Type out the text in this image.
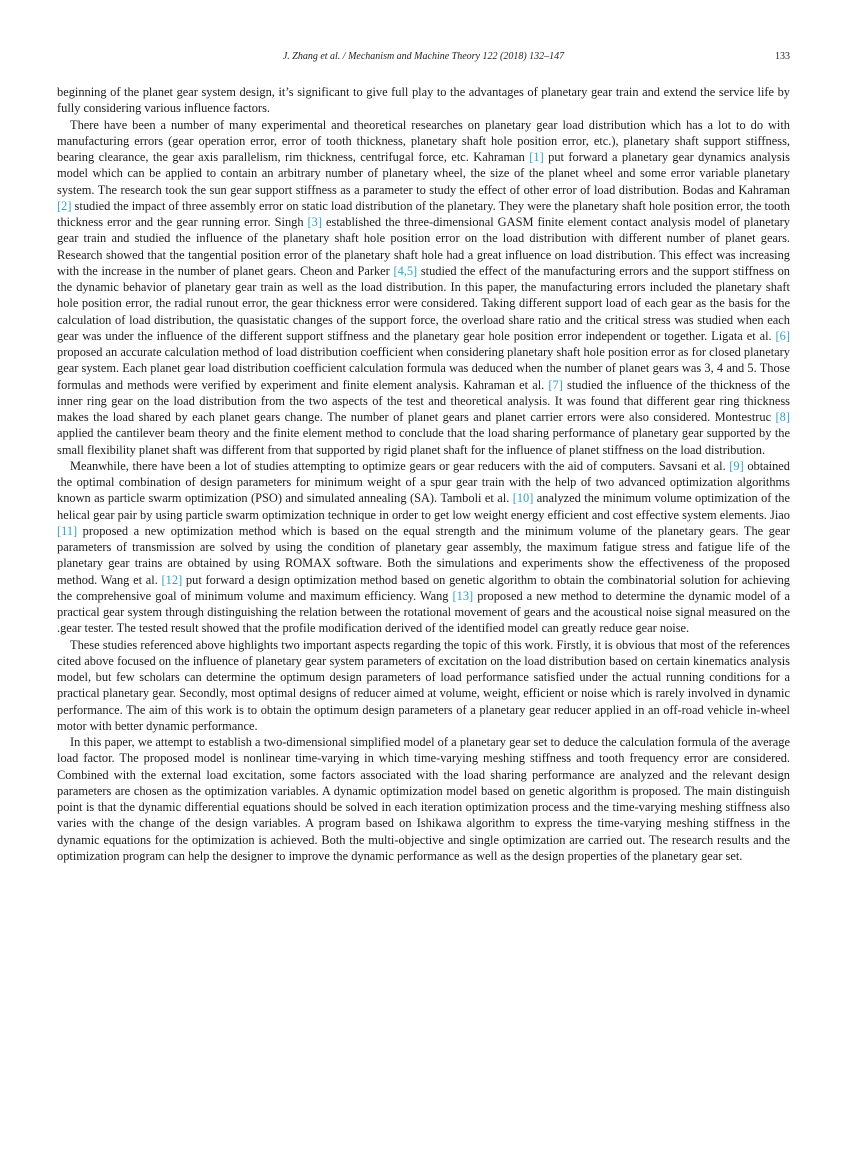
J. Zhang et al. / Mechanism and Machine Theory 122 (2018) 132–147	133

beginning of the planet gear system design, it’s significant to give full play to the advantages of planetary gear train and extend the service life by fully considering various influence factors.

There have been a number of many experimental and theoretical researches on planetary gear load distribution which has a lot to do with manufacturing errors (gear operation error, error of tooth thickness, planetary shaft hole position error, etc.), planetary shaft support stiffness, bearing clearance, the gear axis parallelism, rim thickness, centrifugal force, etc. Kahraman [1] put forward a planetary gear dynamics analysis model which can be applied to contain an arbitrary number of planetary wheel, the size of the planet wheel and some error variable planetary system. The research took the sun gear support stiffness as a parameter to study the effect of other error of load distribution. Bodas and Kahraman [2] studied the impact of three assembly error on static load distribution of the planetary. They were the planetary shaft hole position error, the tooth thickness error and the gear running error. Singh [3] established the three-dimensional GASM finite element contact analysis model of planetary gear train and studied the influence of the planetary shaft hole position error on the load distribution with different number of planet gears. Research showed that the tangential position error of the planetary shaft hole had a great influence on load distribution. This effect was increasing with the increase in the number of planet gears. Cheon and Parker [4,5] studied the effect of the manufacturing errors and the support stiffness on the dynamic behavior of planetary gear train as well as the load distribution. In this paper, the manufacturing errors included the planetary shaft hole position error, the radial runout error, the gear thickness error were considered. Taking different support load of each gear as the basis for the calculation of load distribution, the quasistatic changes of the support force, the overload share ratio and the critical stress was studied when each gear was under the influence of the different support stiffness and the planetary gear hole position error independent or together. Ligata et al. [6] proposed an accurate calculation method of load distribution coefficient when considering planetary shaft hole position error as for closed planetary gear system. Each planet gear load distribution coefficient calculation formula was deduced when the number of planet gears was 3, 4 and 5. Those formulas and methods were verified by experiment and finite element analysis. Kahraman et al. [7] studied the influence of the thickness of the inner ring gear on the load distribution from the two aspects of the test and theoretical analysis. It was found that different gear ring thickness makes the load shared by each planet gears change. The number of planet gears and planet carrier errors were also considered. Montestruc [8] applied the cantilever beam theory and the finite element method to conclude that the load sharing performance of planetary gear supported by the small flexibility planet shaft was different from that supported by rigid planet shaft for the influence of planet stiffness on the load distribution.

Meanwhile, there have been a lot of studies attempting to optimize gears or gear reducers with the aid of computers. Savsani et al. [9] obtained the optimal combination of design parameters for minimum weight of a spur gear train with the help of two advanced optimization algorithms known as particle swarm optimization (PSO) and simulated annealing (SA). Tamboli et al. [10] analyzed the minimum volume optimization of the helical gear pair by using particle swarm optimization technique in order to get low weight energy efficient and cost effective system elements. Jiao [11] proposed a new optimization method which is based on the equal strength and the minimum volume of the planetary gears. The gear parameters of transmission are solved by using the condition of planetary gear assembly, the maximum fatigue stress and fatigue life of the planetary gear trains are obtained by using ROMAX software. Both the simulations and experiments show the effectiveness of the proposed method. Wang et al. [12] put forward a design optimization method based on genetic algorithm to obtain the combinatorial solution for achieving the comprehensive goal of minimum volume and maximum efficiency. Wang [13] proposed a new method to determine the dynamic model of a practical gear system through distinguishing the relation between the rotational movement of gears and the acoustical noise signal measured on the .gear tester. The tested result showed that the profile modification derived of the identified model can greatly reduce gear noise.

These studies referenced above highlights two important aspects regarding the topic of this work. Firstly, it is obvious that most of the references cited above focused on the influence of planetary gear system parameters of excitation on the load distribution based on certain kinematics analysis model, but few scholars can determine the optimum design parameters of load performance satisfied under the actual running conditions for a practical planetary gear. Secondly, most optimal designs of reducer aimed at volume, weight, efficient or noise which is rarely involved in dynamic performance. The aim of this work is to obtain the optimum design parameters of a planetary gear reducer applied in an off-road vehicle in-wheel motor with better dynamic performance.

In this paper, we attempt to establish a two-dimensional simplified model of a planetary gear set to deduce the calculation formula of the average load factor. The proposed model is nonlinear time-varying in which time-varying meshing stiffness and tooth frequency error are considered. Combined with the external load excitation, some factors associated with the load sharing performance are analyzed and the relevant design parameters are chosen as the optimization variables. A dynamic optimization model based on genetic algorithm is proposed. The main distinguish point is that the dynamic differential equations should be solved in each iteration optimization process and the time-varying meshing stiffness also varies with the change of the design variables. A program based on Ishikawa algorithm to express the time-varying meshing stiffness in the dynamic equations for the optimization is achieved. Both the multi-objective and single optimization are carried out. The research results and the optimization program can help the designer to improve the dynamic performance as well as the design properties of the planetary gear set.
